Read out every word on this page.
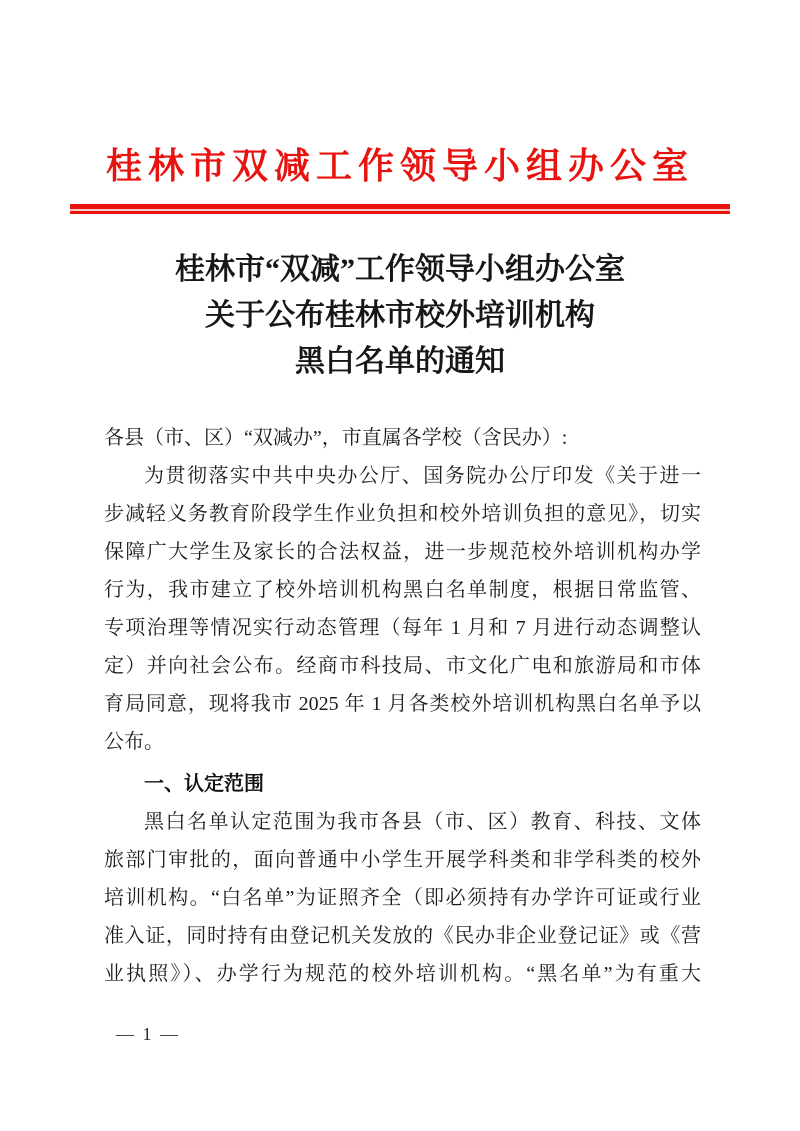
桂林市双减工作领导小组办公室
桂林市“双减”工作领导小组办公室
关于公布桂林市校外培训机构
黑白名单的通知

各县（市、区）“双减办”，市直属各学校（含民办）:

为贯彻落实中共中央办公厅、国务院办公厅印发《关于进一

步减轻义务教育阶段学生作业负担和校外培训负担的意见》，切实

保障广大学生及家长的合法权益，进一步规范校外培训机构办学

行为，我市建立了校外培训机构黑白名单制度，根据日常监管、

专项治理等情况实行动态管理（每年 1 月和 7 月进行动态调整认

定）并向社会公布。经商市科技局、市文化广电和旅游局和市体

育局同意，现将我市 2025 年 1 月各类校外培训机构黑白名单予以

公布。

一、认定范围

黑白名单认定范围为我市各县（市、区）教育、科技、文体

旅部门审批的，面向普通中小学生开展学科类和非学科类的校外

培训机构。“白名单”为证照齐全（即必须持有办学许可证或行业

准入证，同时持有由登记机关发放的《民办非企业登记证》或《营

业执照》）、办学行为规范的校外培训机构。“黑名单”为有重大

— 1 —
